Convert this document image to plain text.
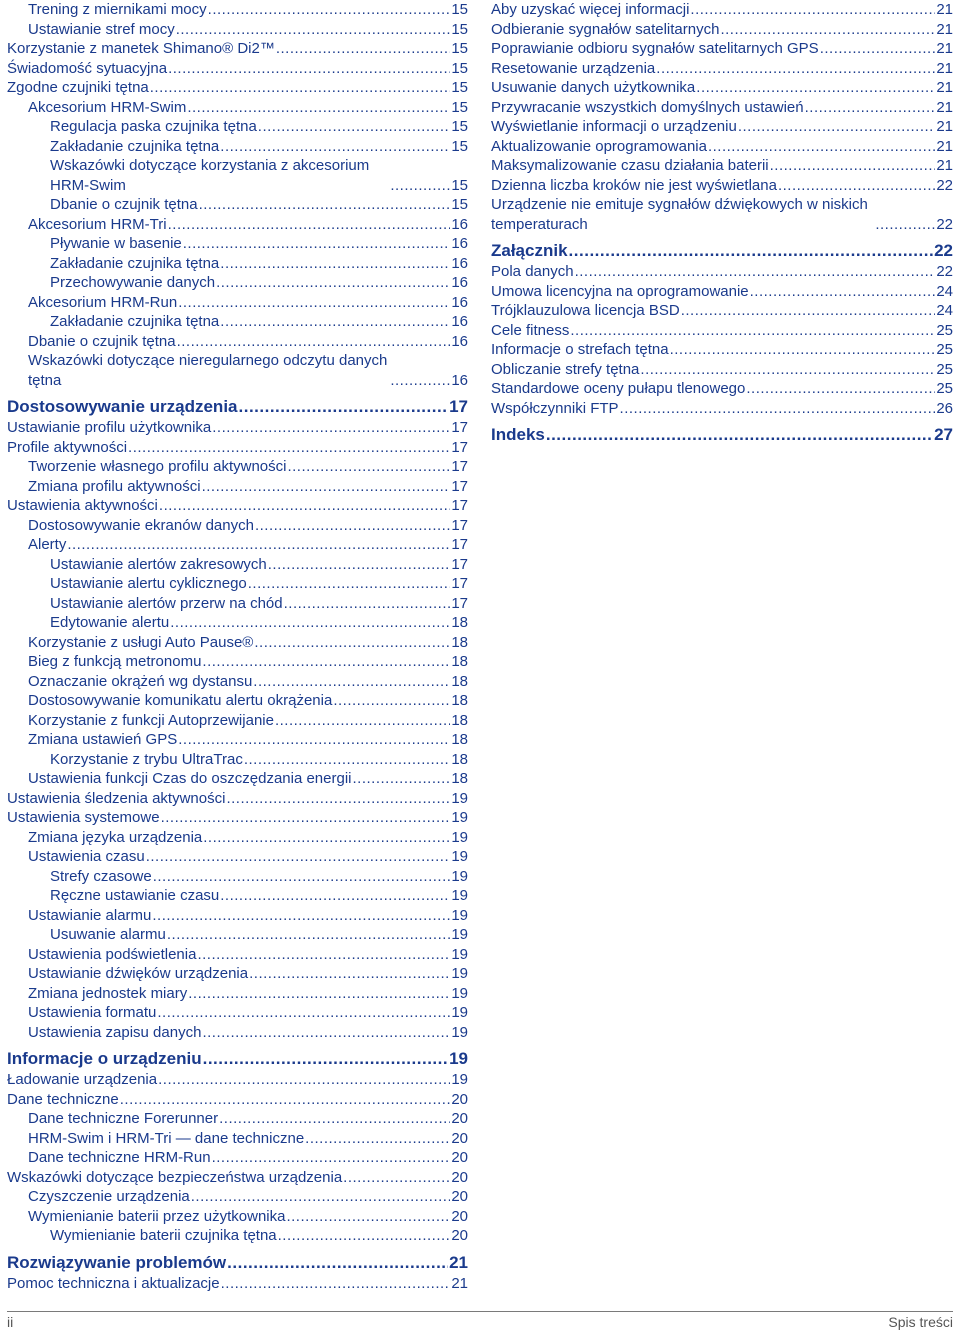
Trening z miernikami mocy .....	15
Ustawianie stref mocy .....	15
Korzystanie z manetek Shimano® Di2™ .....	15
Świadomość sytuacyjna .....	15
Zgodne czujniki tętna .....	15
Akcesorium HRM-Swim .....	15
Regulacja paska czujnika tętna .....	15
Zakładanie czujnika tętna .....	15
Wskazówki dotyczące korzystania z akcesorium HRM-Swim .....	15
Dbanie o czujnik tętna .....	15
Akcesorium HRM-Tri .....	16
Pływanie w basenie .....	16
Zakładanie czujnika tętna .....	16
Przechowywanie danych .....	16
Akcesorium HRM-Run .....	16
Zakładanie czujnika tętna .....	16
Dbanie o czujnik tętna .....	16
Wskazówki dotyczące nieregularnego odczytu danych tętna .....	16
Dostosowywanie urządzenia .....	17
Ustawianie profilu użytkownika .....	17
Profile aktywności .....	17
Tworzenie własnego profilu aktywności .....	17
Zmiana profilu aktywności .....	17
Ustawienia aktywności .....	17
Dostosowywanie ekranów danych .....	17
Alerty .....	17
Ustawianie alertów zakresowych .....	17
Ustawianie alertu cyklicznego .....	17
Ustawianie alertów przerw na chód .....	17
Edytowanie alertu .....	18
Korzystanie z usługi Auto Pause® .....	18
Bieg z funkcją metronomu .....	18
Oznaczanie okrążeń wg dystansu .....	18
Dostosowywanie komunikatu alertu okrążenia .....	18
Korzystanie z funkcji Autoprzewijanie .....	18
Zmiana ustawień GPS .....	18
Korzystanie z trybu UltraTrac .....	18
Ustawienia funkcji Czas do oszczędzania energii .....	18
Ustawienia śledzenia aktywności .....	19
Ustawienia systemowe .....	19
Zmiana języka urządzenia .....	19
Ustawienia czasu .....	19
Strefy czasowe .....	19
Ręczne ustawianie czasu .....	19
Ustawianie alarmu .....	19
Usuwanie alarmu .....	19
Ustawienia podświetlenia .....	19
Ustawianie dźwięków urządzenia .....	19
Zmiana jednostek miary .....	19
Ustawienia formatu .....	19
Ustawienia zapisu danych .....	19
Informacje o urządzeniu .....	19
Ładowanie urządzenia .....	19
Dane techniczne .....	20
Dane techniczne Forerunner .....	20
HRM-Swim i HRM-Tri — dane techniczne .....	20
Dane techniczne HRM-Run .....	20
Wskazówki dotyczące bezpieczeństwa urządzenia .....	20
Czyszczenie urządzenia .....	20
Wymienianie baterii przez użytkownika .....	20
Wymienianie baterii czujnika tętna .....	20
Rozwiązywanie problemów .....	21
Pomoc techniczna i aktualizacje .....	21
Aby uzyskać więcej informacji .....	21
Odbieranie sygnałów satelitarnych .....	21
Poprawianie odbioru sygnałów satelitarnych GPS .....	21
Resetowanie urządzenia .....	21
Usuwanie danych użytkownika .....	21
Przywracanie wszystkich domyślnych ustawień .....	21
Wyświetlanie informacji o urządzeniu .....	21
Aktualizowanie oprogramowania .....	21
Maksymalizowanie czasu działania baterii .....	21
Dzienna liczba kroków nie jest wyświetlana .....	22
Urządzenie nie emituje sygnałów dźwiękowych w niskich temperaturach .....	22
Załącznik .....	22
Pola danych .....	22
Umowa licencyjna na oprogramowanie .....	24
Trójklauzulowa licencja BSD .....	24
Cele fitness .....	25
Informacje o strefach tętna .....	25
Obliczanie strefy tętna .....	25
Standardowe oceny pułapu tlenowego .....	25
Współczynniki FTP .....	26
Indeks .....	27
ii	Spis treści
